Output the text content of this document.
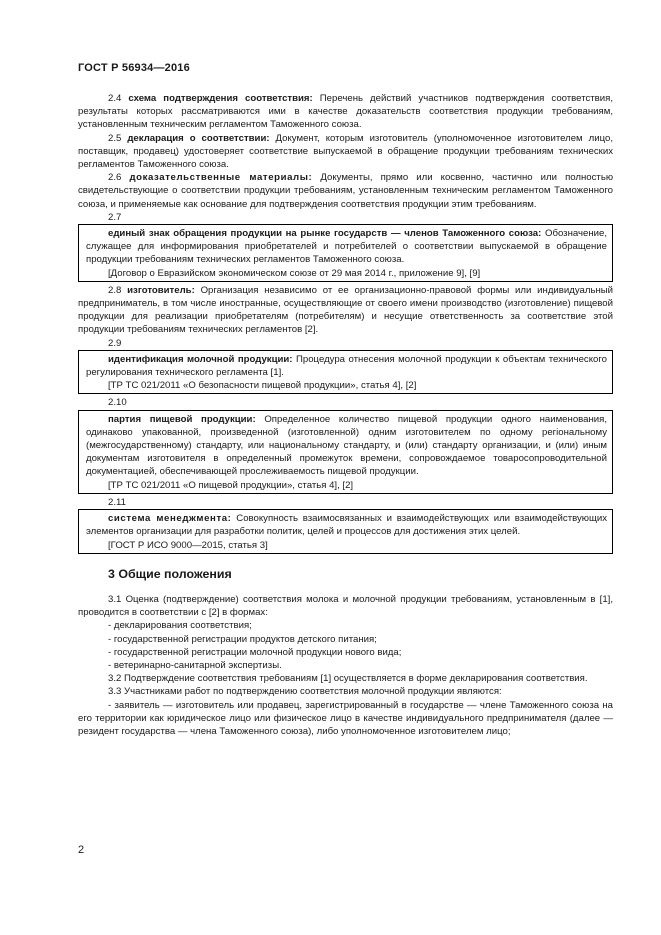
ГОСТ Р 56934—2016

2.4 схема подтверждения соответствия: Перечень действий участников подтверждения соответствия, результаты которых рассматриваются ими в качестве доказательств соответствия продукции требованиям, установленным техническим регламентом Таможенного союза.

2.5 декларация о соответствии: Документ, которым изготовитель (уполномоченное изготовителем лицо, поставщик, продавец) удостоверяет соответствие выпускаемой в обращение продукции требованиям технических регламентов Таможенного союза.

2.6 доказательственные материалы: Документы, прямо или косвенно, частично или полностью свидетельствующие о соответствии продукции требованиям, установленным техническим регламентом Таможенного союза, и применяемые как основание для подтверждения соответствия продукции этим требованиям.

2.7

единый знак обращения продукции на рынке государств — членов Таможенного союза: Обозначение, служащее для информирования приобретателей и потребителей о соответствии выпускаемой в обращение продукции требованиям технических регламентов Таможенного союза.

[Договор о Евразийском экономическом союзе от 29 мая 2014 г., приложение 9], [9]

2.8 изготовитель: Организация независимо от ее организационно-правовой формы или индивидуальный предприниматель, в том числе иностранные, осуществляющие от своего имени производство (изготовление) пищевой продукции для реализации приобретателям (потребителям) и несущие ответственность за соответствие этой продукции требованиям технических регламентов [2].

2.9

идентификация молочной продукции: Процедура отнесения молочной продукции к объектам технического регулирования технического регламента [1].

[ТР ТС 021/2011 «О безопасности пищевой продукции», статья 4], [2]

2.10

партия пищевой продукции: Определенное количество пищевой продукции одного наименования, одинаково упакованной, произведенной (изготовленной) одним изготовителем по одному регіональному (межгосударственному) стандарту, или национальному стандарту, и (или) стандарту организации, и (или) иным документам изготовителя в определенный промежуток времени, сопровождаемое товаросопроводительной документацией, обеспечивающей прослеживаемость пищевой продукции.

[ТР ТС 021/2011 «О пищевой продукции», статья 4], [2]

2.11

система менеджмента: Совокупность взаимосвязанных и взаимодействующих или взаимодействующих элементов организации для разработки политик, целей и процессов для достижения этих целей.

[ГОСТ Р ИСО 9000—2015, статья 3]

3 Общие положения

3.1 Оценка (подтверждение) соответствия молока и молочной продукции требованиям, установленным в [1], проводится в соответствии с [2] в формах:

- декларирования соответствия;

- государственной регистрации продуктов детского питания;

- государственной регистрации молочной продукции нового вида;

- ветеринарно-санитарной экспертизы.

3.2 Подтверждение соответствия требованиям [1] осуществляется в форме декларирования соответствия.

3.3 Участниками работ по подтверждению соответствия молочной продукции являются:

- заявитель — изготовитель или продавец, зарегистрированный в государстве — члене Таможенного союза на его территории как юридическое лицо или физическое лицо в качестве индивидуального предпринимателя (далее — резидент государства — члена Таможенного союза), либо уполномоченное изготовителем лицо;

2
